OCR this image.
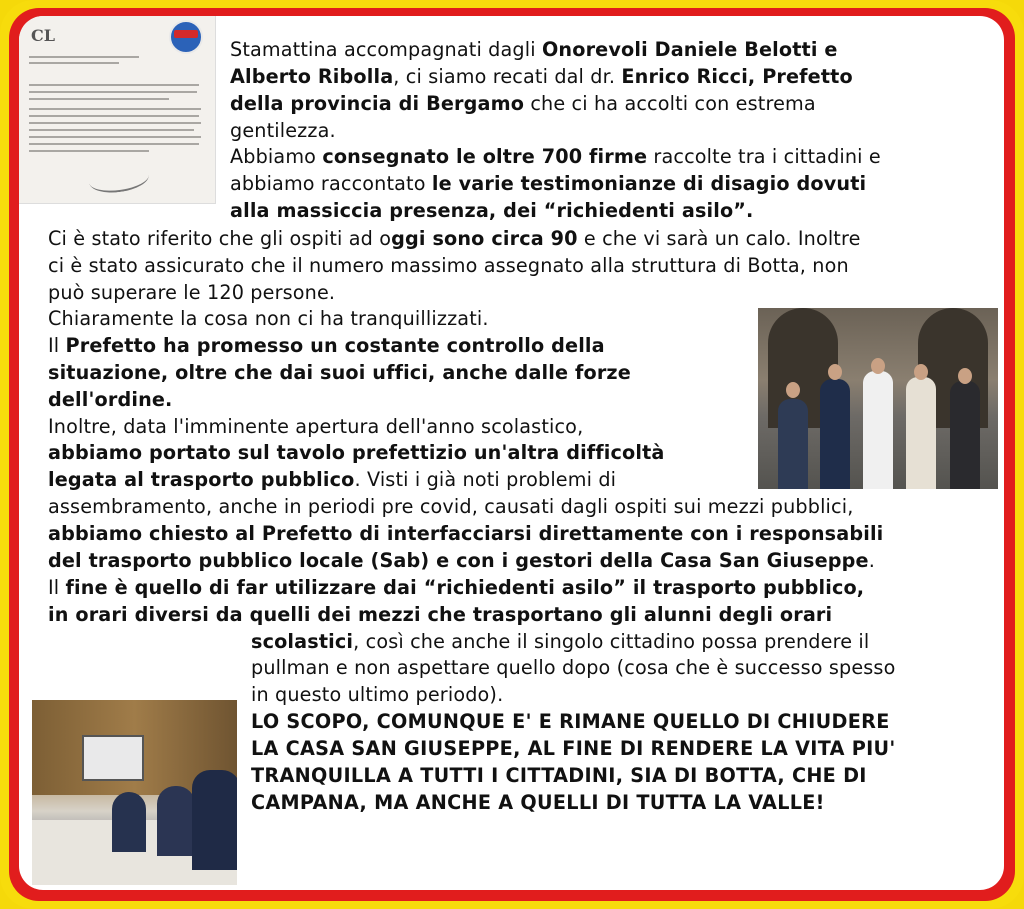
CL
Stamattina accompagnati dagli Onorevoli Daniele Belotti e
Alberto Ribolla, ci siamo recati dal dr. Enrico Ricci, Prefetto
della provincia di Bergamo che ci ha accolti con estrema
gentilezza.
Abbiamo consegnato le oltre 700 firme raccolte tra i cittadini e
abbiamo raccontato le varie testimonianze di disagio dovuti
alla massiccia presenza, dei “richiedenti asilo”.
Ci è stato riferito che gli ospiti ad oggi sono circa 90 e che vi sarà un calo. Inoltre
ci è stato assicurato che il numero massimo assegnato alla struttura di Botta, non
può superare le 120 persone.
Chiaramente la cosa non ci ha tranquillizzati.
Il Prefetto ha promesso un costante controllo della
situazione, oltre che dai suoi uffici, anche dalle forze
dell'ordine.
Inoltre, data l'imminente apertura dell'anno scolastico,
abbiamo portato sul tavolo prefettizio un'altra difficoltà
legata al trasporto pubblico. Visti i già noti problemi di
assembramento, anche in periodi pre covid, causati dagli ospiti sui mezzi pubblici,
abbiamo chiesto al Prefetto di interfacciarsi direttamente con i responsabili
del trasporto pubblico locale (Sab) e con i gestori della Casa San Giuseppe.
Il fine è quello di far utilizzare dai “richiedenti asilo” il trasporto pubblico,
in orari diversi da quelli dei mezzi che trasportano gli alunni degli orari
scolastici, così che anche il singolo cittadino possa prendere il
pullman e non aspettare quello dopo (cosa che è successo spesso
in questo ultimo periodo).
LO SCOPO, COMUNQUE E' E RIMANE QUELLO DI CHIUDERE
LA CASA SAN GIUSEPPE, AL FINE DI RENDERE LA VITA PIU'
TRANQUILLA A TUTTI I CITTADINI, SIA DI BOTTA, CHE DI
CAMPANA, MA ANCHE A QUELLI DI TUTTA LA VALLE!
